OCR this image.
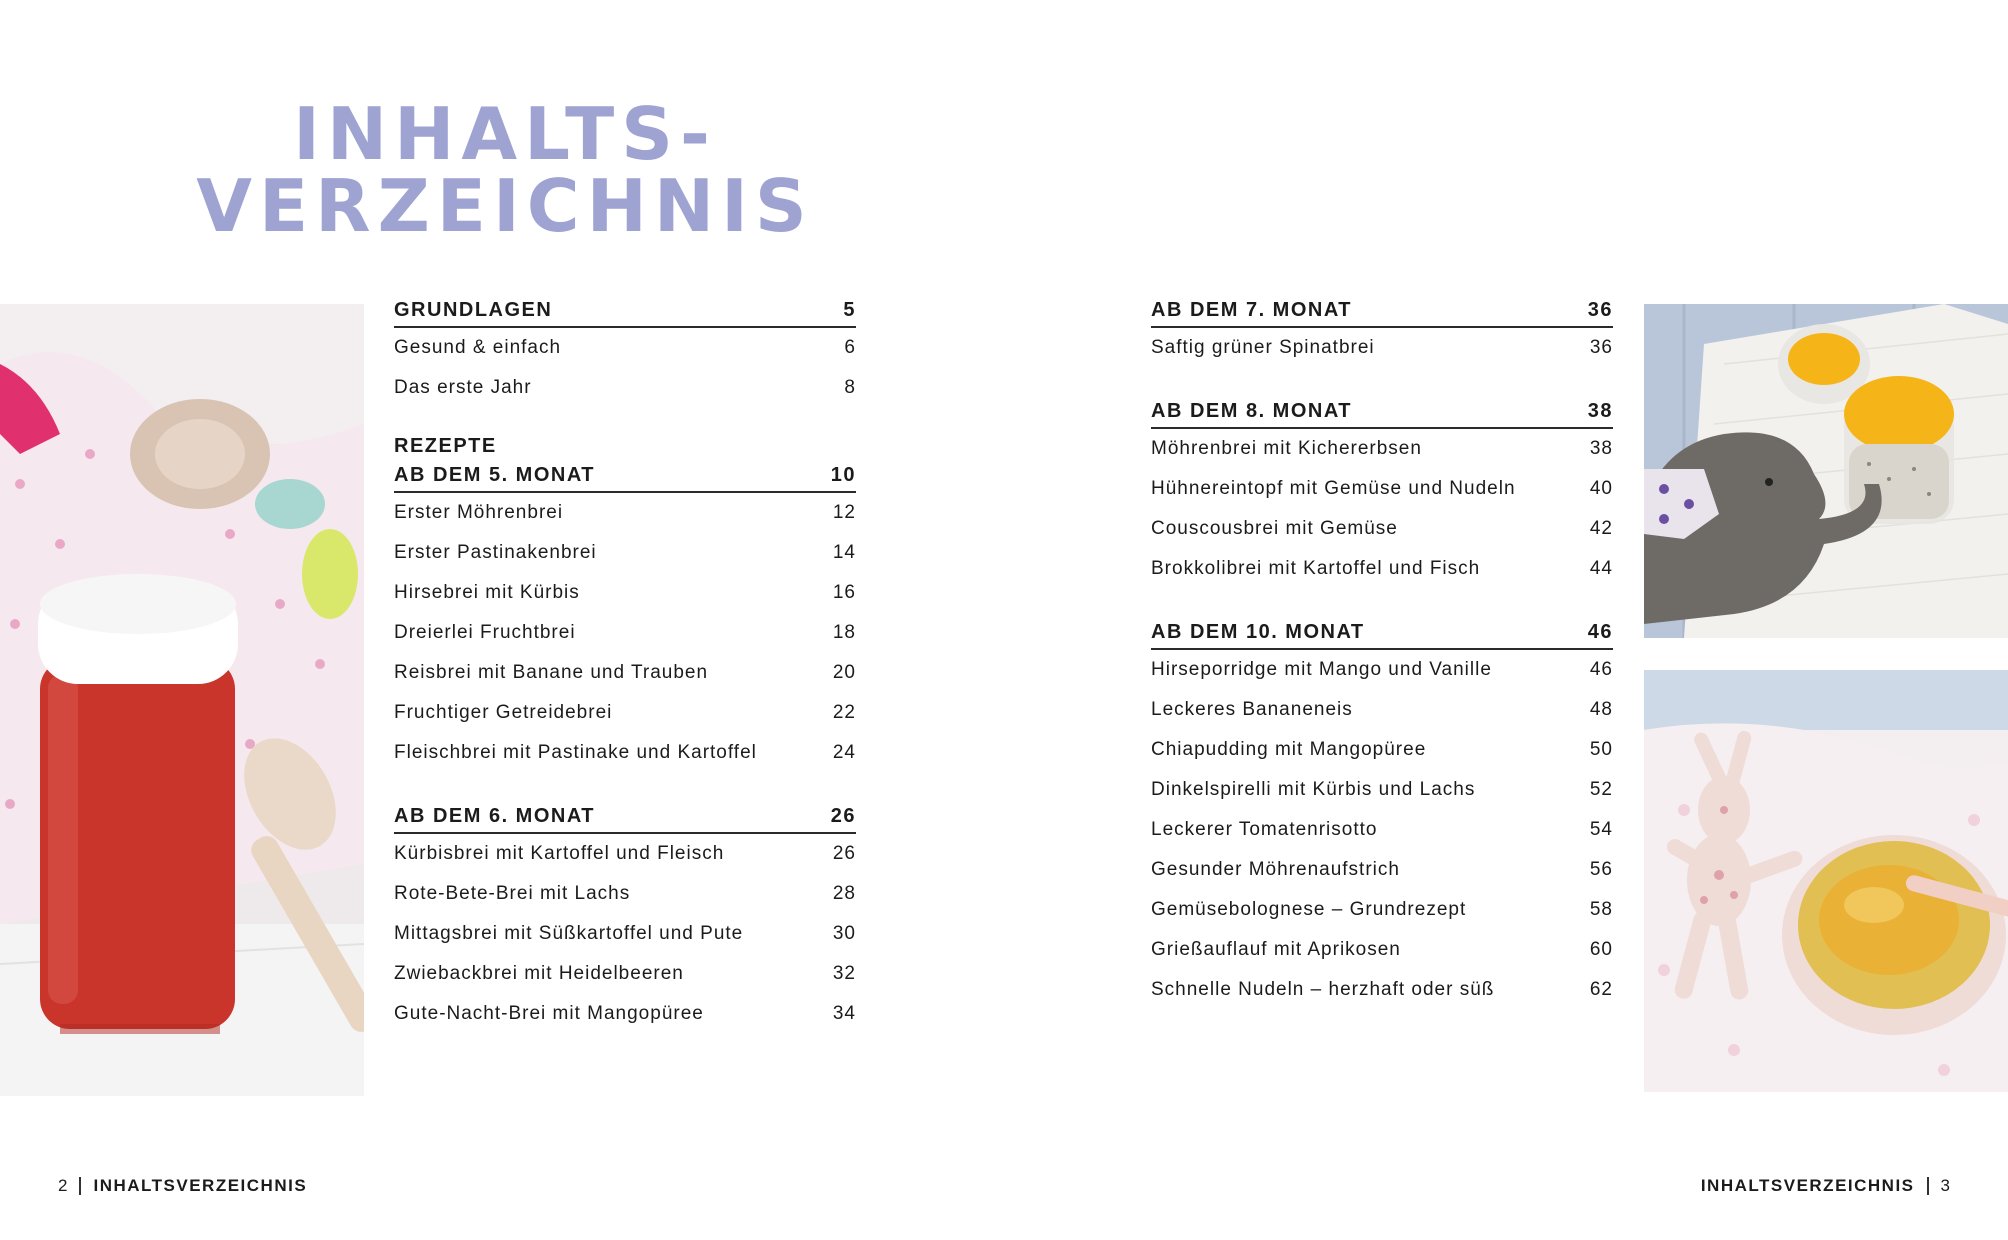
INHALTS-
VERZEICHNIS
GRUNDLAGEN	5
Gesund & einfach	6
Das erste Jahr	8
REZEPTE
AB DEM 5. MONAT	10
Erster Möhrenbrei	12
Erster Pastinakenbrei	14
Hirsebrei mit Kürbis	16
Dreierlei Fruchtbrei	18
Reisbrei mit Banane und Trauben	20
Fruchtiger Getreidebrei	22
Fleischbrei mit Pastinake und Kartoffel	24
AB DEM 6. MONAT	26
Kürbisbrei mit Kartoffel und Fleisch	26
Rote-Bete-Brei mit Lachs	28
Mittagsbrei mit Süßkartoffel und Pute	30
Zwiebackbrei mit Heidelbeeren	32
Gute-Nacht-Brei mit Mangopüree	34
AB DEM 7. MONAT	36
Saftig grüner Spinatbrei	36
AB DEM 8. MONAT	38
Möhrenbrei mit Kichererbsen	38
Hühnereintopf mit Gemüse und Nudeln	40
Couscousbrei mit Gemüse	42
Brokkolibrei mit Kartoffel und Fisch	44
AB DEM 10. MONAT	46
Hirseporridge mit Mango und Vanille	46
Leckeres Bananeneis	48
Chiapudding mit Mangopüree	50
Dinkelspirelli mit Kürbis und Lachs	52
Leckerer Tomatenrisotto	54
Gesunder Möhrenaufstrich	56
Gemüsebolognese – Grundrezept	58
Grießauflauf mit Aprikosen	60
Schnelle Nudeln – herzhaft oder süß	62
2 INHALTSVERZEICHNIS	INHALTSVERZEICHNIS 3
